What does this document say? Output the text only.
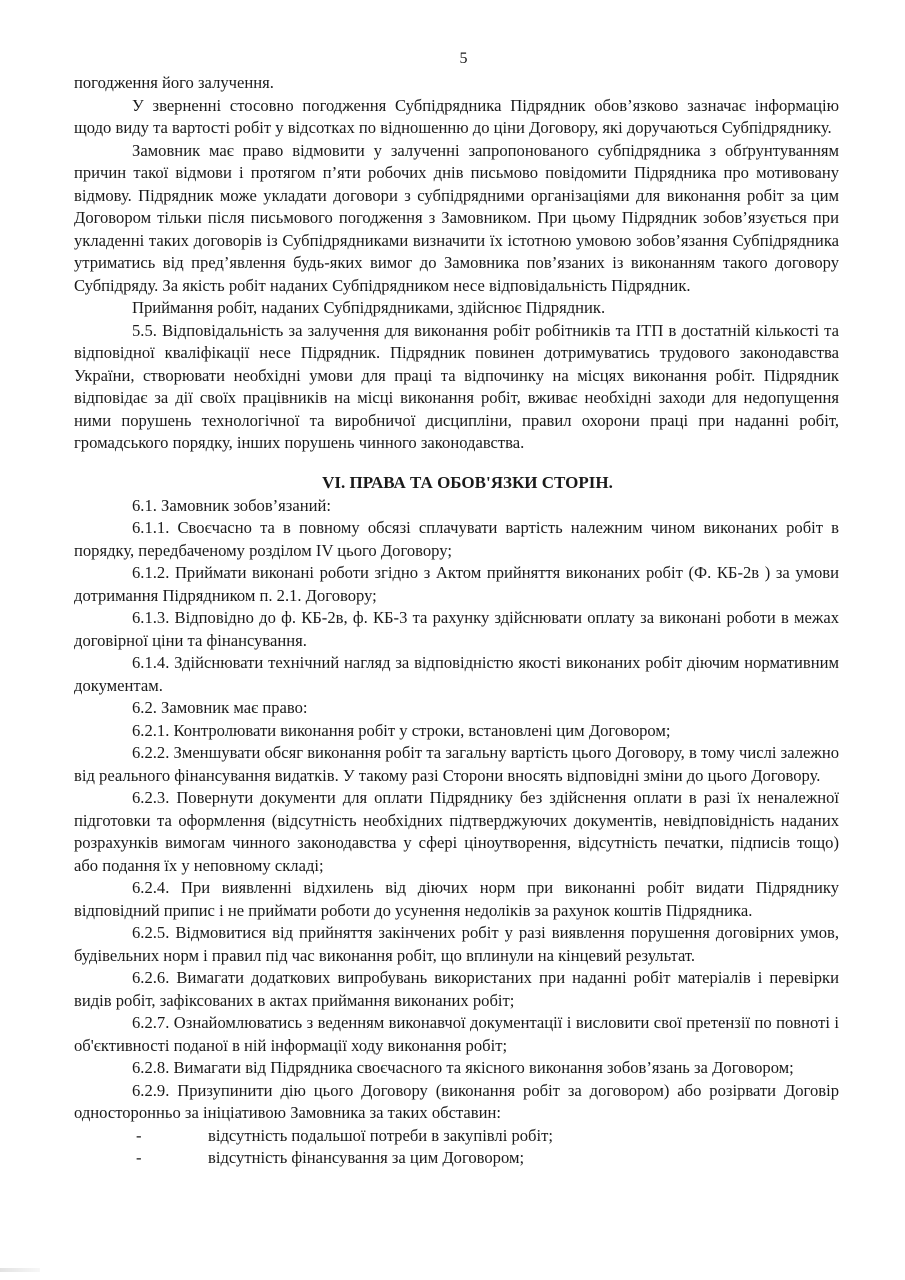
5

погодження його залучення.

У зверненні стосовно погодження Субпідрядника Підрядник обов’язково зазначає інформацію щодо виду та вартості робіт у відсотках по відношенню до ціни Договору, які доручаються Субпідряднику.

Замовник має право відмовити у залученні запропонованого субпідрядника з обґрунтуванням причин такої відмови і протягом п’яти робочих днів письмово повідомити Підрядника про мотивовану відмову. Підрядник може укладати договори з субпідрядними організаціями для виконання робіт за цим Договором тільки після письмового погодження з Замовником. При цьому Підрядник зобов’язується при укладенні таких договорів із Субпідрядниками визначити їх істотною умовою зобов’язання Субпідрядника утриматись від пред’явлення будь-яких вимог до Замовника пов’язаних із виконанням такого договору Субпідряду. За якість робіт наданих Субпідрядником несе відповідальність Підрядник.

Приймання робіт, наданих Субпідрядниками, здійснює Підрядник.

5.5. Відповідальність за залучення для виконання робіт робітників та ІТП в достатній кількості та відповідної кваліфікації несе Підрядник. Підрядник повинен дотримуватись трудового законодавства України, створювати необхідні умови для праці та відпочинку на місцях виконання робіт. Підрядник відповідає за дії своїх працівників на місці виконання робіт, вживає необхідні заходи для недопущення ними порушень технологічної та виробничої дисципліни, правил охорони праці при наданні робіт, громадського порядку, інших порушень чинного законодавства.

VI. ПРАВА ТА ОБОВ'ЯЗКИ СТОРІН.

6.1. Замовник зобов’язаний:

6.1.1. Своєчасно та в повному обсязі сплачувати вартість належним чином виконаних робіт в порядку, передбаченому розділом IV цього Договору;

6.1.2. Приймати виконані роботи згідно з Актом прийняття виконаних робіт (Ф. КБ-2в ) за умови дотримання Підрядником п. 2.1. Договору;

6.1.3. Відповідно до ф. КБ-2в, ф. КБ-3 та рахунку здійснювати оплату за виконані роботи в межах договірної ціни та фінансування.

6.1.4. Здійснювати технічний нагляд за відповідністю якості виконаних робіт діючим нормативним документам.

6.2. Замовник має право:

6.2.1. Контролювати виконання робіт у строки, встановлені цим Договором;

6.2.2. Зменшувати обсяг виконання робіт та загальну вартість цього Договору, в тому числі залежно від реального фінансування видатків. У такому разі Сторони вносять відповідні зміни до цього Договору.

6.2.3. Повернути документи для оплати Підряднику без здійснення оплати в разі їх неналежної підготовки та оформлення (відсутність необхідних підтверджуючих документів, невідповідність наданих розрахунків вимогам чинного законодавства у сфері ціноутворення, відсутність печатки, підписів тощо) або подання їх у неповному складі;

6.2.4. При виявленні відхилень від діючих норм при виконанні робіт видати Підряднику відповідний припис і не приймати роботи до усунення недоліків за рахунок коштів Підрядника.

6.2.5. Відмовитися від прийняття закінчених робіт у разі виявлення порушення договірних умов, будівельних норм і правил під час виконання робіт, що вплинули на кінцевий результат.

6.2.6. Вимагати додаткових випробувань використаних при наданні робіт матеріалів і перевірки видів робіт, зафіксованих в актах приймання виконаних робіт;

6.2.7. Ознайомлюватись з веденням виконавчої документації і висловити свої претензії по повноті і об'єктивності поданої в ній інформації ходу виконання робіт;

6.2.8. Вимагати від Підрядника своєчасного та якісного виконання зобов’язань за Договором;

6.2.9. Призупинити дію цього Договору (виконання робіт за договором) або розірвати Договір односторонньо за ініціативою Замовника за таких обставин:

-	відсутність подальшої потреби в закупівлі робіт;
-	відсутність фінансування за цим Договором;
